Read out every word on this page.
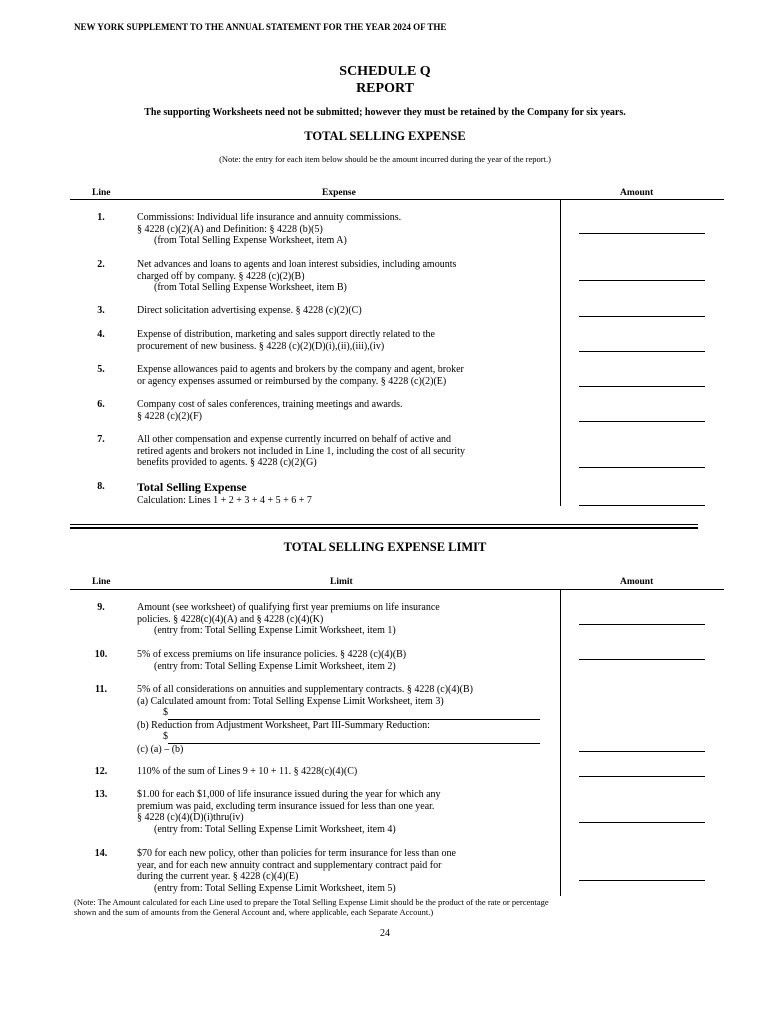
NEW YORK SUPPLEMENT TO THE ANNUAL STATEMENT FOR THE YEAR 2024 OF THE
SCHEDULE Q
REPORT
The supporting Worksheets need not be submitted; however they must be retained by the Company for six years.
TOTAL SELLING EXPENSE
(Note: the entry for each item below should be the amount incurred during the year of the report.)
Line	Expense	Amount
1.	Commissions: Individual life insurance and annuity commissions.
§ 4228 (c)(2)(A) and Definition: § 4228 (b)(5)
(from Total Selling Expense Worksheet, item A)
2.	Net advances and loans to agents and loan interest subsidies, including amounts
charged off by company. § 4228 (c)(2)(B)
(from Total Selling Expense Worksheet, item B)
3.	Direct solicitation advertising expense. § 4228 (c)(2)(C)
4.	Expense of distribution, marketing and sales support directly related to the
procurement of new business. § 4228 (c)(2)(D)(i),(ii),(iii),(iv)
5.	Expense allowances paid to agents and brokers by the company and agent, broker
or agency expenses assumed or reimbursed by the company. § 4228 (c)(2)(E)
6.	Company cost of sales conferences, training meetings and awards.
§ 4228 (c)(2)(F)
7.	All other compensation and expense currently incurred on behalf of active and
retired agents and brokers not included in Line 1, including the cost of all security
benefits provided to agents. § 4228 (c)(2)(G)
8.	Total Selling Expense
Calculation: Lines 1 + 2 + 3 + 4 + 5 + 6 + 7
TOTAL SELLING EXPENSE LIMIT
Line	Limit	Amount
9.	Amount (see worksheet) of qualifying first year premiums on life insurance
policies. § 4228(c)(4)(A) and § 4228 (c)(4)(K)
(entry from: Total Selling Expense Limit Worksheet, item 1)
10.	5% of excess premiums on life insurance policies. § 4228 (c)(4)(B)
(entry from: Total Selling Expense Limit Worksheet, item 2)
11.	5% of all considerations on annuities and supplementary contracts. § 4228 (c)(4)(B)
(a) Calculated amount from: Total Selling Expense Limit Worksheet, item 3)
$
(b) Reduction from Adjustment Worksheet, Part III-Summary Reduction:
$
(c) (a) – (b)
12.	110% of the sum of Lines 9 + 10 + 11. § 4228(c)(4)(C)
13.	$1.00 for each $1,000 of life insurance issued during the year for which any
premium was paid, excluding term insurance issued for less than one year.
§ 4228 (c)(4)(D)(i)thru(iv)
(entry from: Total Selling Expense Limit Worksheet, item 4)
14.	$70 for each new policy, other than policies for term insurance for less than one
year, and for each new annuity contract and supplementary contract paid for
during the current year. § 4228 (c)(4)(E)
(entry from: Total Selling Expense Limit Worksheet, item 5)
(Note: The Amount calculated for each Line used to prepare the Total Selling Expense Limit should be the product of the rate or percentage
shown and the sum of amounts from the General Account and, where applicable, each Separate Account.)
24
